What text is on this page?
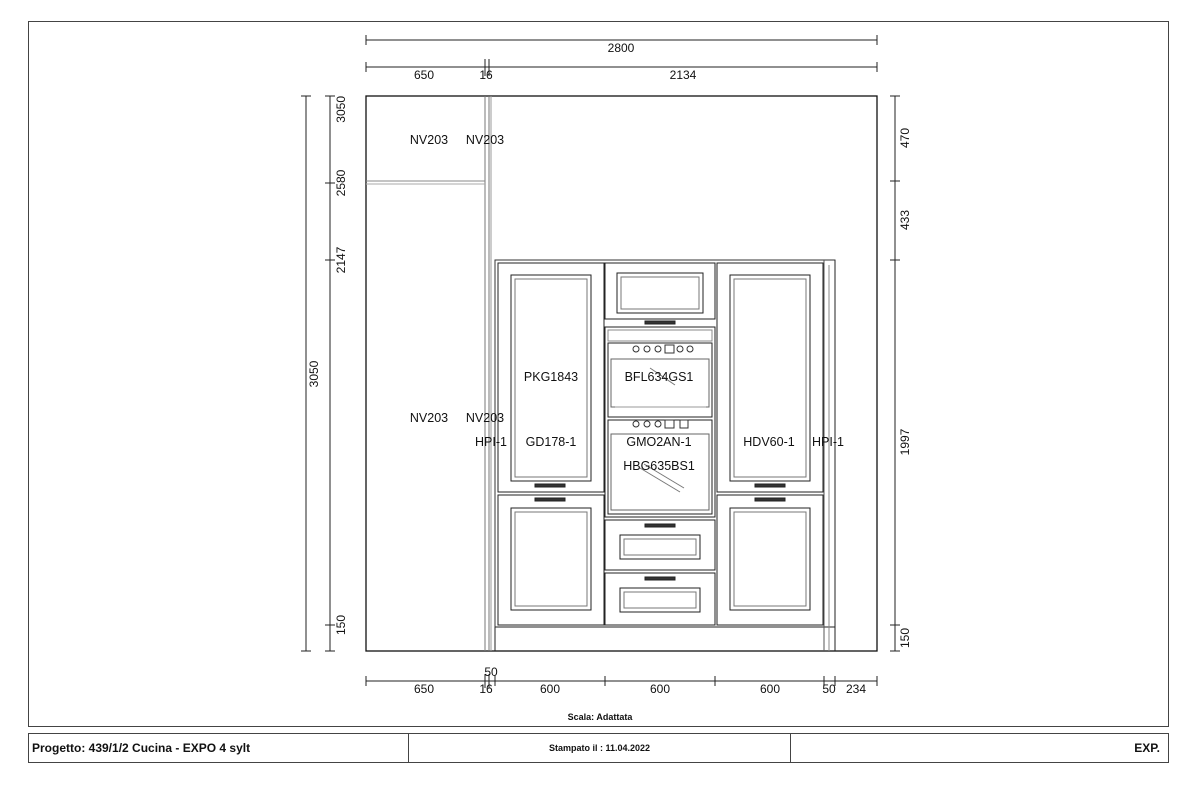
2800
650	16	2134
50
650	16	600	600	600	50 234
3050
3050
2580
2147
150
470
433
1997
150
NV203 NV203
NV203 NV203
HPI-1 GD178-1
PKG1843	BFL634GS1
GMO2AN-1
HBG635BS1
HDV60-1 HPI-1
Scala: Adattata
Progetto: 439/1/2 Cucina - EXPO 4 sylt	Stampato il : 11.04.2022	EXP.
